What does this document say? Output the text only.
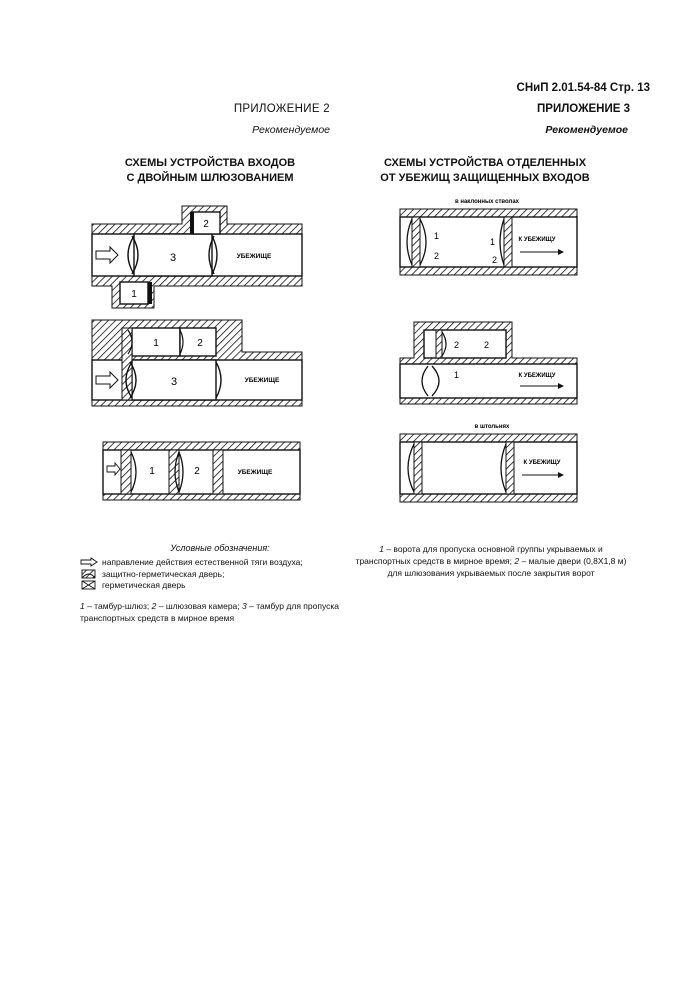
СНиП 2.01.54-84 Стр. 13
ПРИЛОЖЕНИЕ 2
Рекомендуемое
СХЕМЫ УСТРОЙСТВА ВХОДОВ
С ДВОЙНЫМ ШЛЮЗОВАНИЕМ
ПРИЛОЖЕНИЕ 3
Рекомендуемое
СХЕМЫ УСТРОЙСТВА ОТДЕЛЕННЫХ
ОТ УБЕЖИЩ ЗАЩИЩЕННЫХ ВХОДОВ
2
3
1
УБЕЖИЩЕ
1	2
3	УБЕЖИЩЕ
1	2	УБЕЖИЩЕ
в наклонных стволах
1
2
1
2
К УБЕЖИЩУ
2	2
1	К УБЕЖИЩУ
в штольнях
К УБЕЖИЩУ
Условные обозначения:
направление действия естественной тяги воздуха;
защитно-герметическая дверь;
герметическая дверь
1 – тамбур-шлюз; 2 – шлюзовая камера; 3 – тамбур для пропуска транспортных средств в мирное время
1 – ворота для пропуска основной группы укрываемых и транспортных средств в мирное время; 2 – малые двери (0,8Х1,8 м) для шлюзования укрываемых после закрытия ворот
